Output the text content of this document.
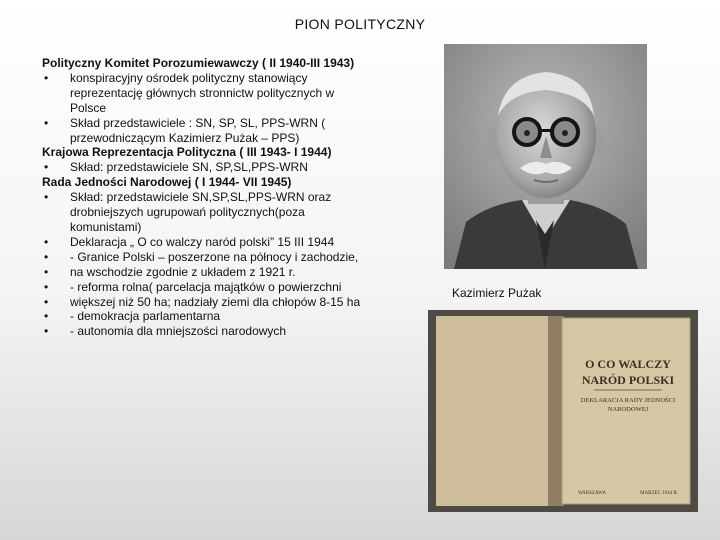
PION POLITYCZNY
Polityczny Komitet Porozumiewawczy ( II 1940-III 1943)
• konspiracyjny ośrodek polityczny stanowiący reprezentację głównych stronnictw politycznych w Polsce
• Skład przedstawiciele : SN, SP, SL, PPS-WRN ( przewodniczącym Kazimierz Pużak – PPS)
Krajowa Reprezentacja Polityczna ( III 1943- I 1944)
• Skład: przedstawiciele SN, SP,SL,PPS-WRN
Rada Jedności Narodowej ( I 1944- VII 1945)
• Skład: przedstawiciele SN,SP,SL,PPS-WRN oraz drobniejszych ugrupowań politycznych(poza komunistami)
• Deklaracja „ O co walczy naród polski” 15 III 1944
• - Granice Polski – poszerzone na północy i zachodzie,
• na wschodzie zgodnie z układem z 1921 r.
• - reforma rolna( parcelacja majątków o powierzchni
• większej niż 50 ha; nadziały ziemi dla chłopów 8-15 ha
• - demokracja parlamentarna
• - autonomia dla mniejszości narodowych
Kazimierz Pużak
O CO WALCZY
NARÓD POLSKI
DEKLARACJA RADY JEDNOŚCI
NARODOWEJ
WARSZAWA	MARZEC 1944 R.
